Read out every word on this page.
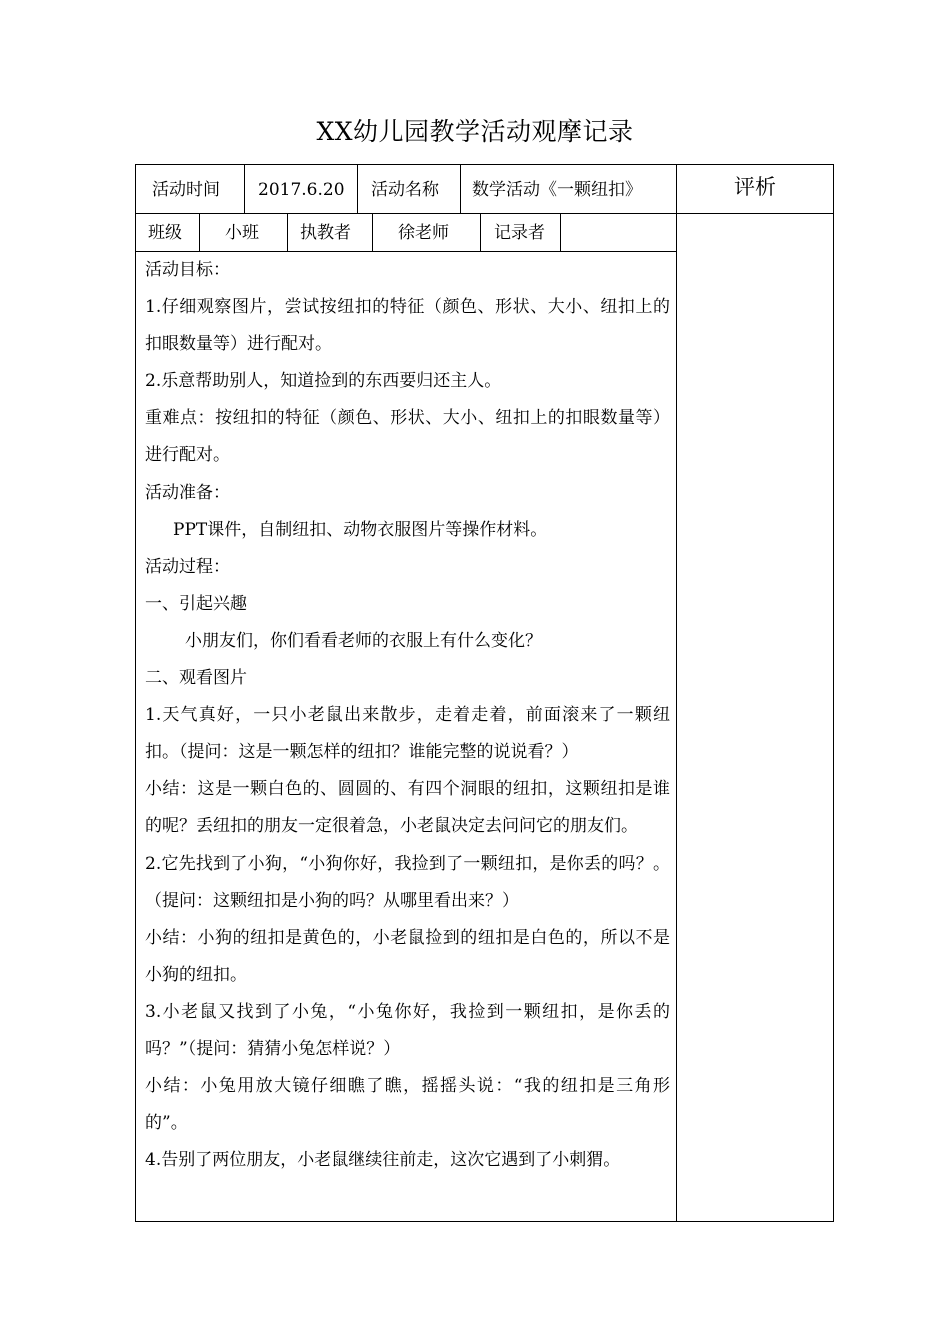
XX幼儿园教学活动观摩记录
活动时间 2017.6.20 活动名称 数学活动《一颗纽扣》	评析
班级	小班 执教者	徐老师	记录者

活动目标：

1.仔细观察图片，尝试按纽扣的特征（颜色、形状、大小、纽扣上的扣眼数量等）进行配对。

2.乐意帮助别人，知道捡到的东西要归还主人。

重难点：按纽扣的特征（颜色、形状、大小、纽扣上的扣眼数量等）进行配对。

活动准备：

PPT课件，自制纽扣、动物衣服图片等操作材料。

活动过程：

一、引起兴趣

小朋友们，你们看看老师的衣服上有什么变化？

二、观看图片

1.天气真好，一只小老鼠出来散步，走着走着，前面滚来了一颗纽扣。（提问：这是一颗怎样的纽扣？谁能完整的说说看？）

小结：这是一颗白色的、圆圆的、有四个洞眼的纽扣，这颗纽扣是谁的呢？丢纽扣的朋友一定很着急，小老鼠决定去问问它的朋友们。

2.它先找到了小狗，“小狗你好，我捡到了一颗纽扣，是你丢的吗？。（提问：这颗纽扣是小狗的吗？从哪里看出来？）

小结：小狗的纽扣是黄色的，小老鼠捡到的纽扣是白色的，所以不是小狗的纽扣。

3.小老鼠又找到了小兔，“小兔你好，我捡到一颗纽扣，是你丢的吗？”（提问：猜猜小兔怎样说？）

小结：小兔用放大镜仔细瞧了瞧，摇摇头说：“我的纽扣是三角形的”。

4.告别了两位朋友，小老鼠继续往前走，这次它遇到了小刺猬。
